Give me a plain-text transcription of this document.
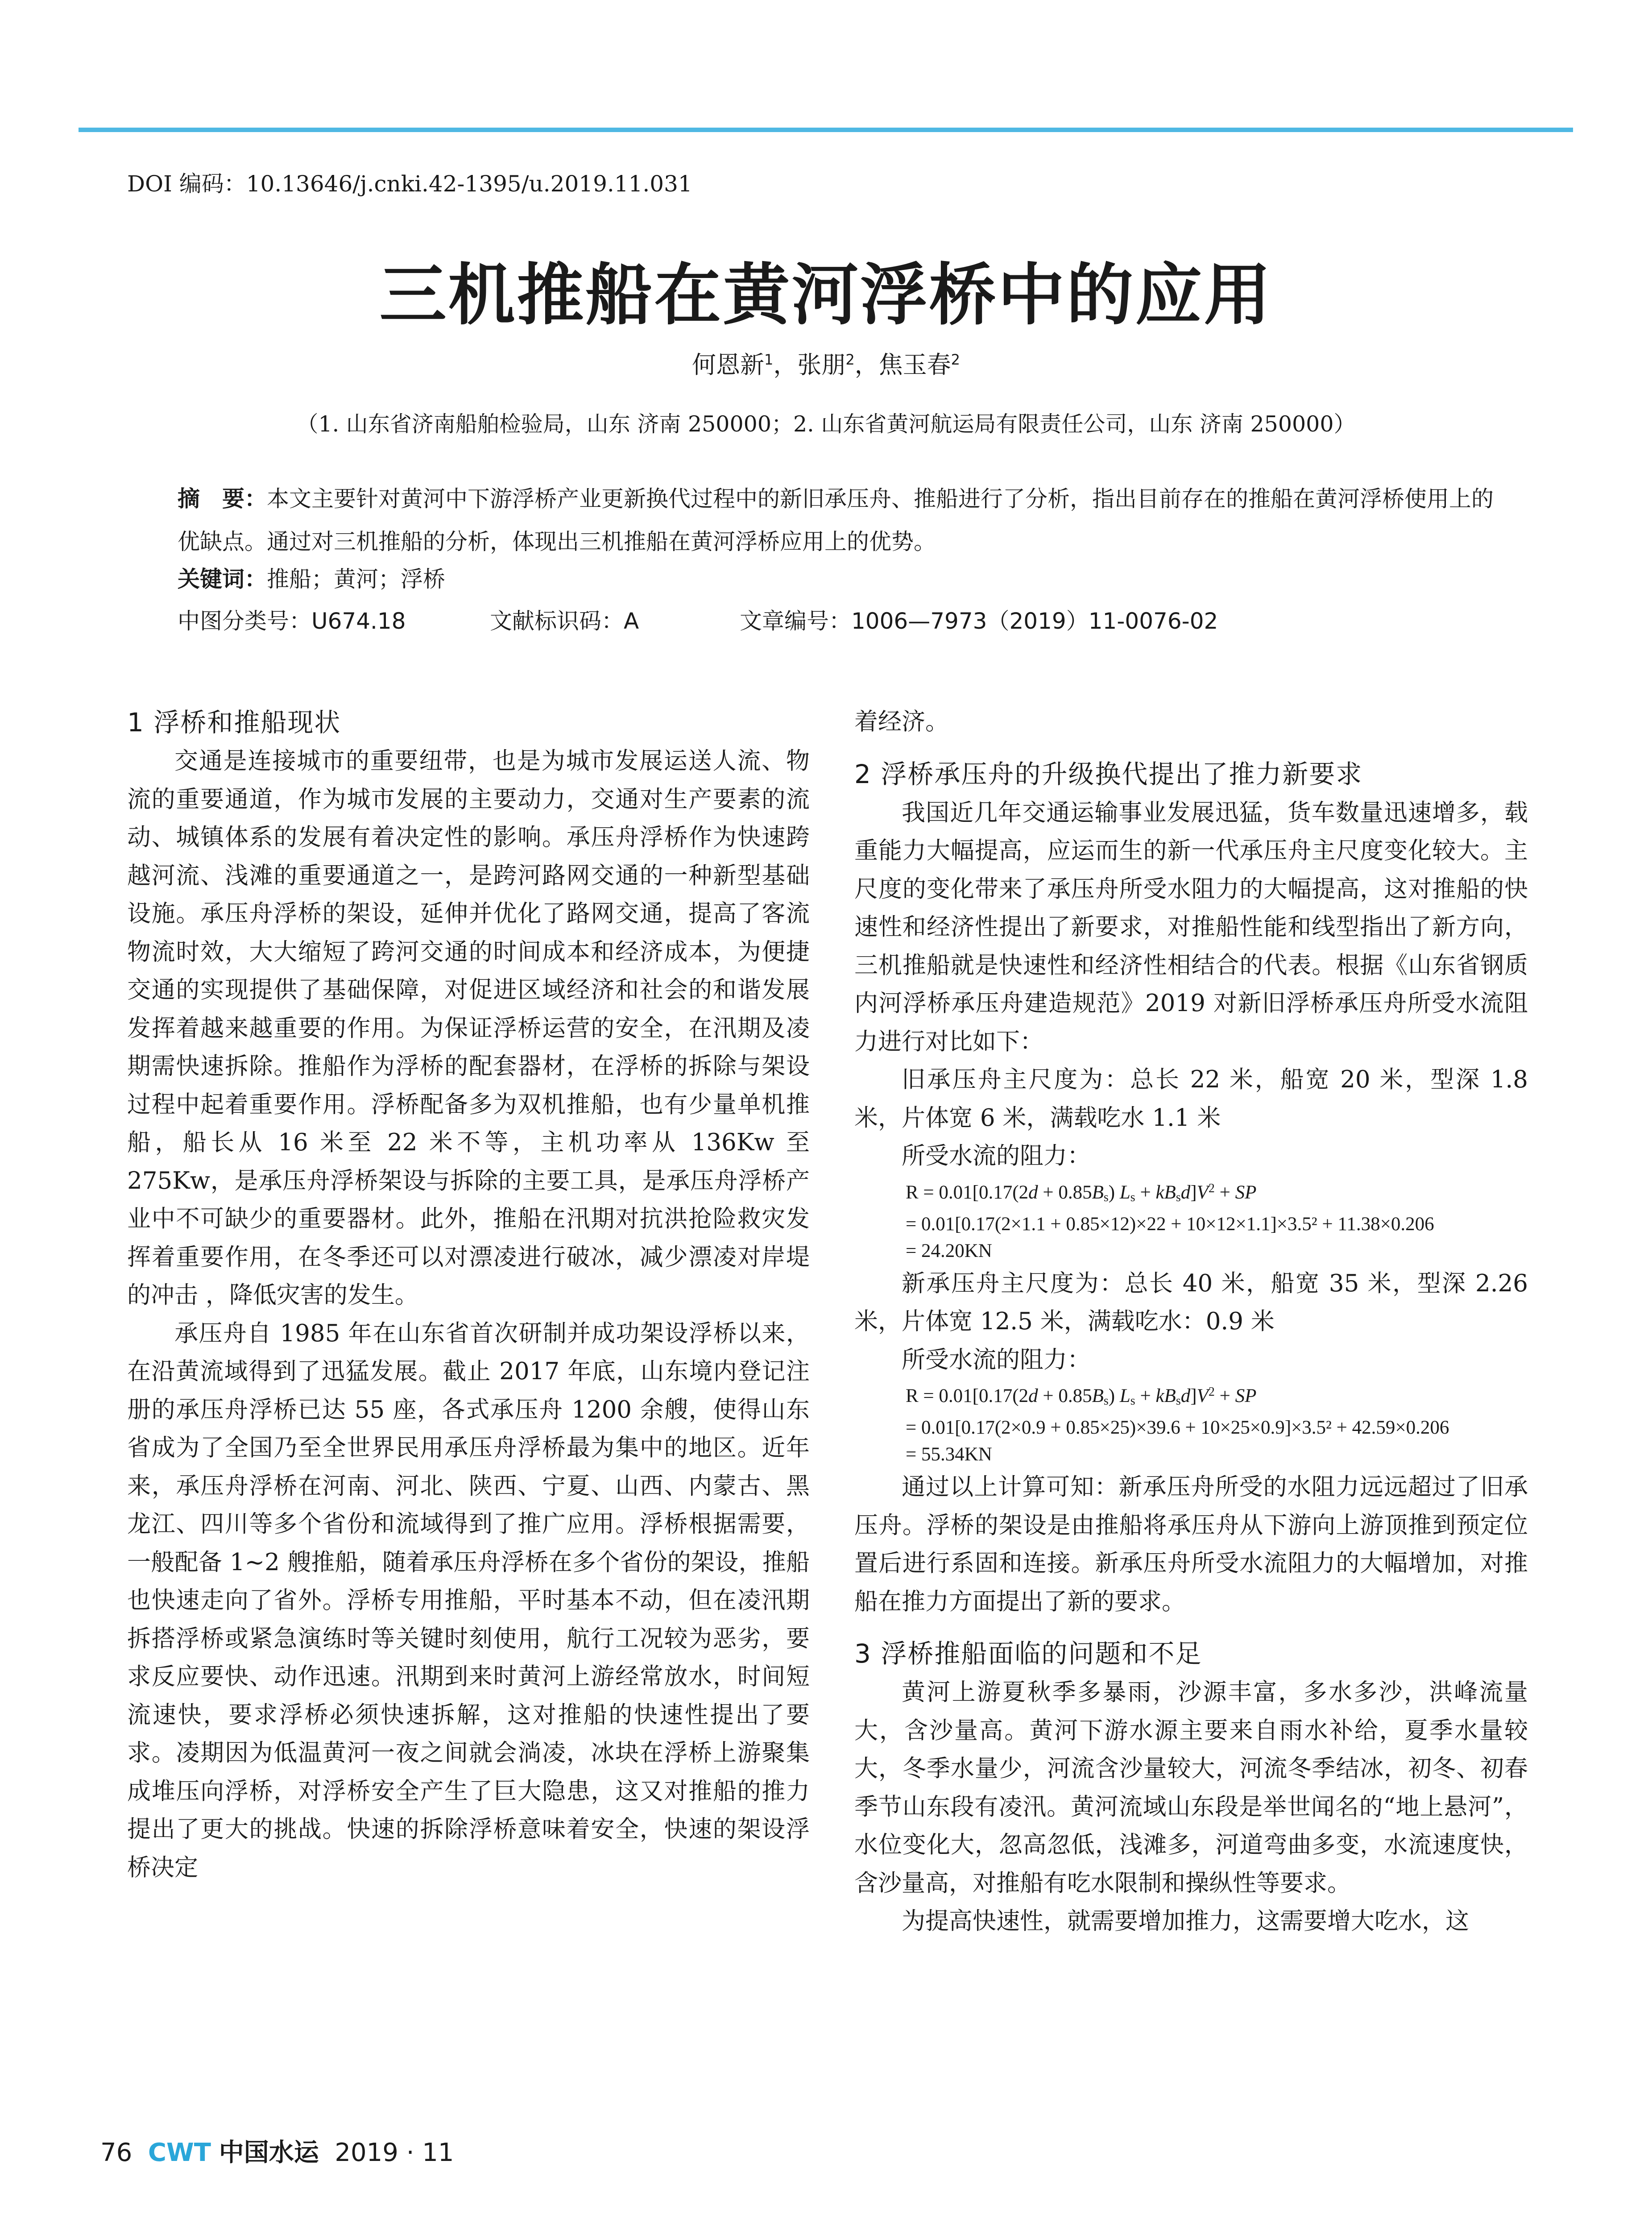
DOI 编码：10.13646/j.cnki.42-1395/u.2019.11.031
三机推船在黄河浮桥中的应用
何恩新$^1$，张朋$^2$，焦玉春$^2$
（1. 山东省济南船舶检验局，山东 济南 250000；2. 山东省黄河航运局有限责任公司，山东 济南 250000）
摘　要：本文主要针对黄河中下游浮桥产业更新换代过程中的新旧承压舟、推船进行了分析，指出目前存在的推船在黄河浮桥使用上的优缺点。通过对三机推船的分析，体现出三机推船在黄河浮桥应用上的优势。
关键词：推船；黄河；浮桥
中图分类号：U674.18	文献标识码：A	文章编号：1006—7973（2019）11-0076-02
1 浮桥和推船现状

交通是连接城市的重要纽带，也是为城市发展运送人流、物流的重要通道，作为城市发展的主要动力，交通对生产要素的流动、城镇体系的发展有着决定性的影响。承压舟浮桥作为快速跨越河流、浅滩的重要通道之一，是跨河路网交通的一种新型基础设施。承压舟浮桥的架设，延伸并优化了路网交通，提高了客流物流时效，大大缩短了跨河交通的时间成本和经济成本，为便捷交通的实现提供了基础保障，对促进区域经济和社会的和谐发展发挥着越来越重要的作用。为保证浮桥运营的安全，在汛期及凌期需快速拆除。推船作为浮桥的配套器材，在浮桥的拆除与架设过程中起着重要作用。浮桥配备多为双机推船，也有少量单机推船，船长从 16 米至 22 米不等，主机功率从 136Kw 至 275Kw，是承压舟浮桥架设与拆除的主要工具，是承压舟浮桥产业中不可缺少的重要器材。此外，推船在汛期对抗洪抢险救灾发挥着重要作用，在冬季还可以对漂凌进行破冰，减少漂凌对岸堤的冲击 ，降低灾害的发生。

承压舟自 1985 年在山东省首次研制并成功架设浮桥以来，在沿黄流域得到了迅猛发展。截止 2017 年底，山东境内登记注册的承压舟浮桥已达 55 座，各式承压舟 1200 余艘，使得山东省成为了全国乃至全世界民用承压舟浮桥最为集中的地区。近年来，承压舟浮桥在河南、河北、陕西、宁夏、山西、内蒙古、黑龙江、四川等多个省份和流域得到了推广应用。浮桥根据需要，一般配备 1~2 艘推船，随着承压舟浮桥在多个省份的架设，推船也快速走向了省外。浮桥专用推船，平时基本不动，但在凌汛期拆搭浮桥或紧急演练时等关键时刻使用，航行工况较为恶劣，要求反应要快、动作迅速。汛期到来时黄河上游经常放水，时间短流速快，要求浮桥必须快速拆解，这对推船的快速性提出了要求。凌期因为低温黄河一夜之间就会淌凌，冰块在浮桥上游聚集成堆压向浮桥，对浮桥安全产生了巨大隐患，这又对推船的推力提出了更大的挑战。快速的拆除浮桥意味着安全，快速的架设浮桥决定

着经济。

2 浮桥承压舟的升级换代提出了推力新要求

我国近几年交通运输事业发展迅猛，货车数量迅速增多，载重能力大幅提高，应运而生的新一代承压舟主尺度变化较大。主尺度的变化带来了承压舟所受水阻力的大幅提高，这对推船的快速性和经济性提出了新要求，对推船性能和线型指出了新方向，三机推船就是快速性和经济性相结合的代表。根据《山东省钢质内河浮桥承压舟建造规范》2019 对新旧浮桥承压舟所受水流阻力进行对比如下：

旧承压舟主尺度为：总长 22 米，船宽 20 米，型深 1.8 米，片体宽 6 米，满载吃水 1.1 米

所受水流的阻力：

$R = 0.01[0.17(2d + 0.85B_s)$ $L_s + kB_sd]V^2$ + SP
= 0.01[0.17(2×1.1 + 0.85×12)×22 + 10×12×1.1]×3.5² + 11.38×0.206
= 24.20KN

新承压舟主尺度为：总长 40 米，船宽 35 米，型深 2.26 米，片体宽 12.5 米，满载吃水：0.9 米

所受水流的阻力：

$R = 0.01[0.17(2d + 0.85B_s)$ $L_s + kB_sd]V^2$ + SP
= 0.01[0.17(2×0.9 + 0.85×25)×39.6 + 10×25×0.9]×3.5² + 42.59×0.206
= 55.34KN

通过以上计算可知：新承压舟所受的水阻力远远超过了旧承压舟。浮桥的架设是由推船将承压舟从下游向上游顶推到预定位置后进行系固和连接。新承压舟所受水流阻力的大幅增加，对推船在推力方面提出了新的要求。

3 浮桥推船面临的问题和不足

黄河上游夏秋季多暴雨，沙源丰富，多水多沙，洪峰流量大，含沙量高。黄河下游水源主要来自雨水补给，夏季水量较大，冬季水量少，河流含沙量较大，河流冬季结冰，初冬、初春季节山东段有凌汛。黄河流域山东段是举世闻名的“地上悬河”，水位变化大，忽高忽低，浅滩多，河道弯曲多变，水流速度快，含沙量高，对推船有吃水限制和操纵性等要求。

为提高快速性，就需要增加推力，这需要增大吃水，这

76 CWT 中国水运 2019 · 11
